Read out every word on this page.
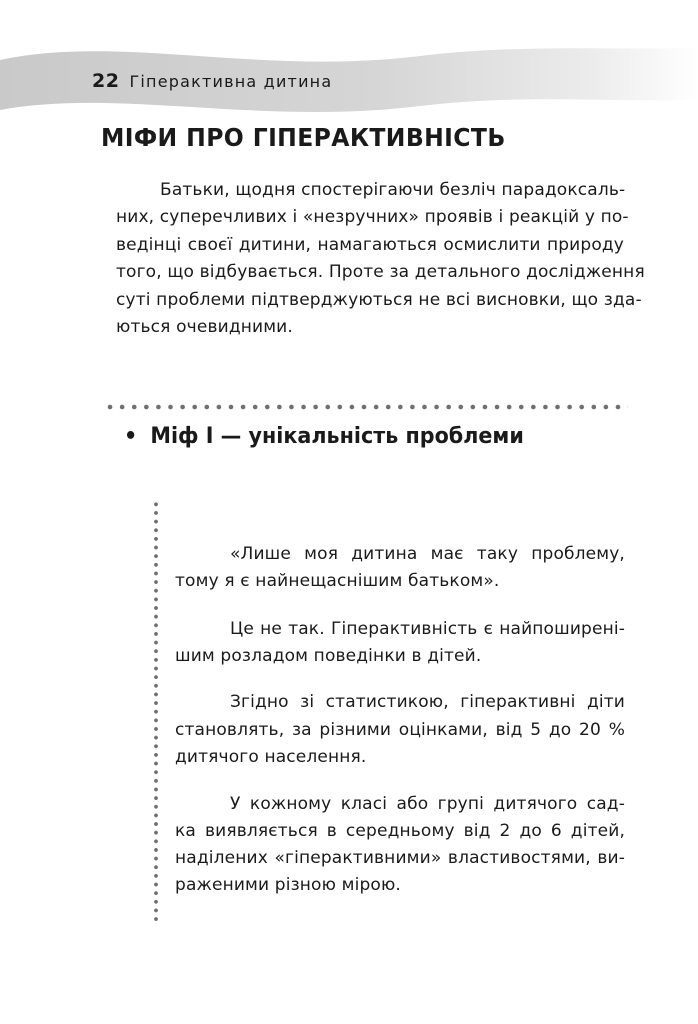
22 Гіперактивна дитина
МІФИ ПРО ГІПЕРАКТИВНІСТЬ
Батьки, щодня спостерігаючи безліч парадоксаль-
них, суперечливих і «незручних» проявів і реакцій у по-
ведінці своєї дитини, намагаються осмислити природу
того, що відбувається. Проте за детального дослідження
суті проблеми підтверджуються не всі висновки, що зда-
ються очевидними.
• Міф І — унікальність проблеми
«Лише моя дитина має таку проблему,
тому я є найнещаснішим батьком».
Це не так. Гіперактивність є найпоширені-
шим розладом поведінки в дітей.
Згідно зі статистикою, гіперактивні діти
становлять, за різними оцінками, від 5 до 20 %
дитячого населення.
У кожному класі або групі дитячого сад-
ка виявляється в середньому від 2 до 6 дітей,
наділених «гіперактивними» властивостями, ви-
раженими різною мірою.
